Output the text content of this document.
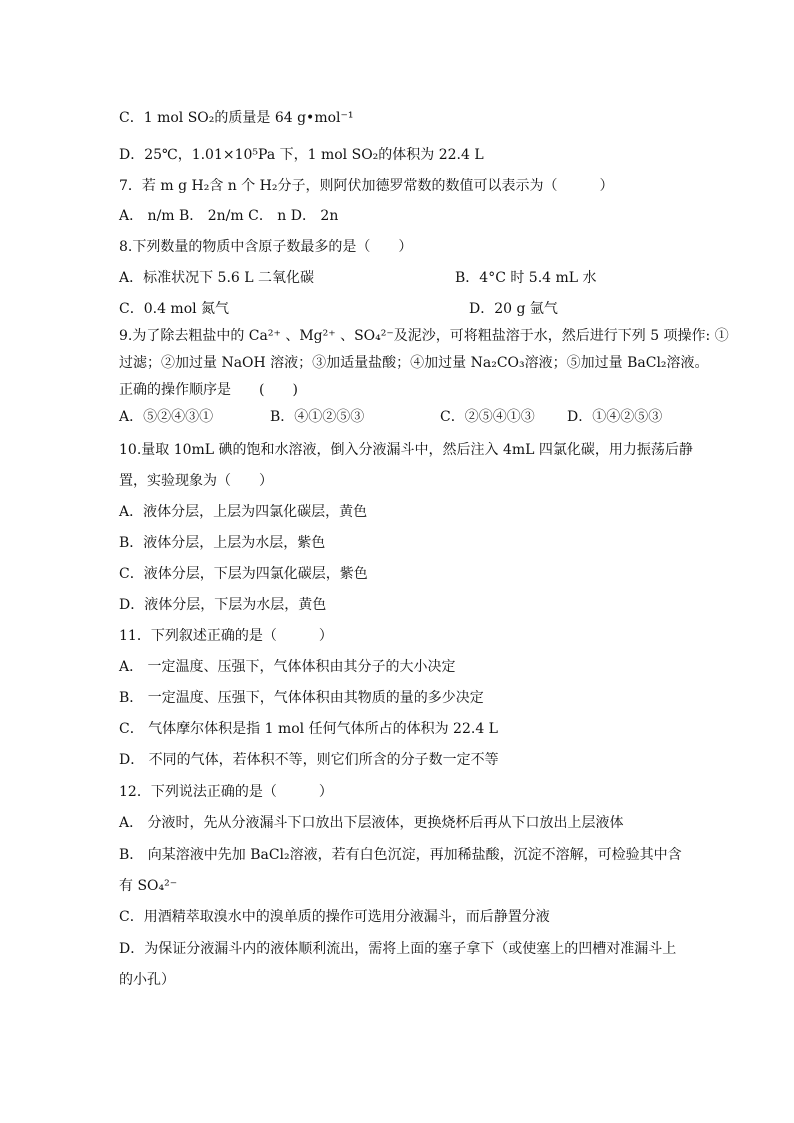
C．1 mol SO₂的质量是 64 g•mol⁻¹
D．25℃，1.01×10⁵Pa 下，1 mol SO₂的体积为 22.4 L
7．若 m g H₂含 n 个 H₂分子，则阿伏加德罗常数的数值可以表示为（　　　）
A． n/m B． 2n/m C． n D． 2n
8.下列数量的物质中含原子数最多的是（　　）
A．标准状况下 5.6 L 二氧化碳	B．4°C 时 5.4 mL 水
C．0.4 mol 氮气	D．20 g 氩气
9.为了除去粗盐中的 Ca²⁺ 、Mg²⁺ 、SO₄²⁻及泥沙，可将粗盐溶于水，然后进行下列 5 项操作: ①
过滤；②加过量 NaOH 溶液；③加适量盐酸；④加过量 Na₂CO₃溶液；⑤加过量 BaCl₂溶液。
正确的操作顺序是　　(　　)
A．⑤②④③①	B．④①②⑤③	C．②⑤④①③ D．①④②⑤③
10.量取 10mL 碘的饱和水溶液，倒入分液漏斗中，然后注入 4mL 四氯化碳，用力振荡后静
置，实验现象为（　　）
A．液体分层，上层为四氯化碳层，黄色
B．液体分层，上层为水层，紫色
C．液体分层，下层为四氯化碳层，紫色
D．液体分层，下层为水层，黄色
11．下列叙述正确的是（　　　）
A． 一定温度、压强下，气体体积由其分子的大小决定
B． 一定温度、压强下，气体体积由其物质的量的多少决定
C． 气体摩尔体积是指 1 mol 任何气体所占的体积为 22.4 L
D． 不同的气体，若体积不等，则它们所含的分子数一定不等
12．下列说法正确的是（　　　）
A． 分液时，先从分液漏斗下口放出下层液体，更换烧杯后再从下口放出上层液体
B． 向某溶液中先加 BaCl₂溶液，若有白色沉淀，再加稀盐酸，沉淀不溶解，可检验其中含
有 SO₄²⁻
C．用酒精萃取溴水中的溴单质的操作可选用分液漏斗，而后静置分液
D．为保证分液漏斗内的液体顺利流出，需将上面的塞子拿下（或使塞上的凹槽对准漏斗上
的小孔）
